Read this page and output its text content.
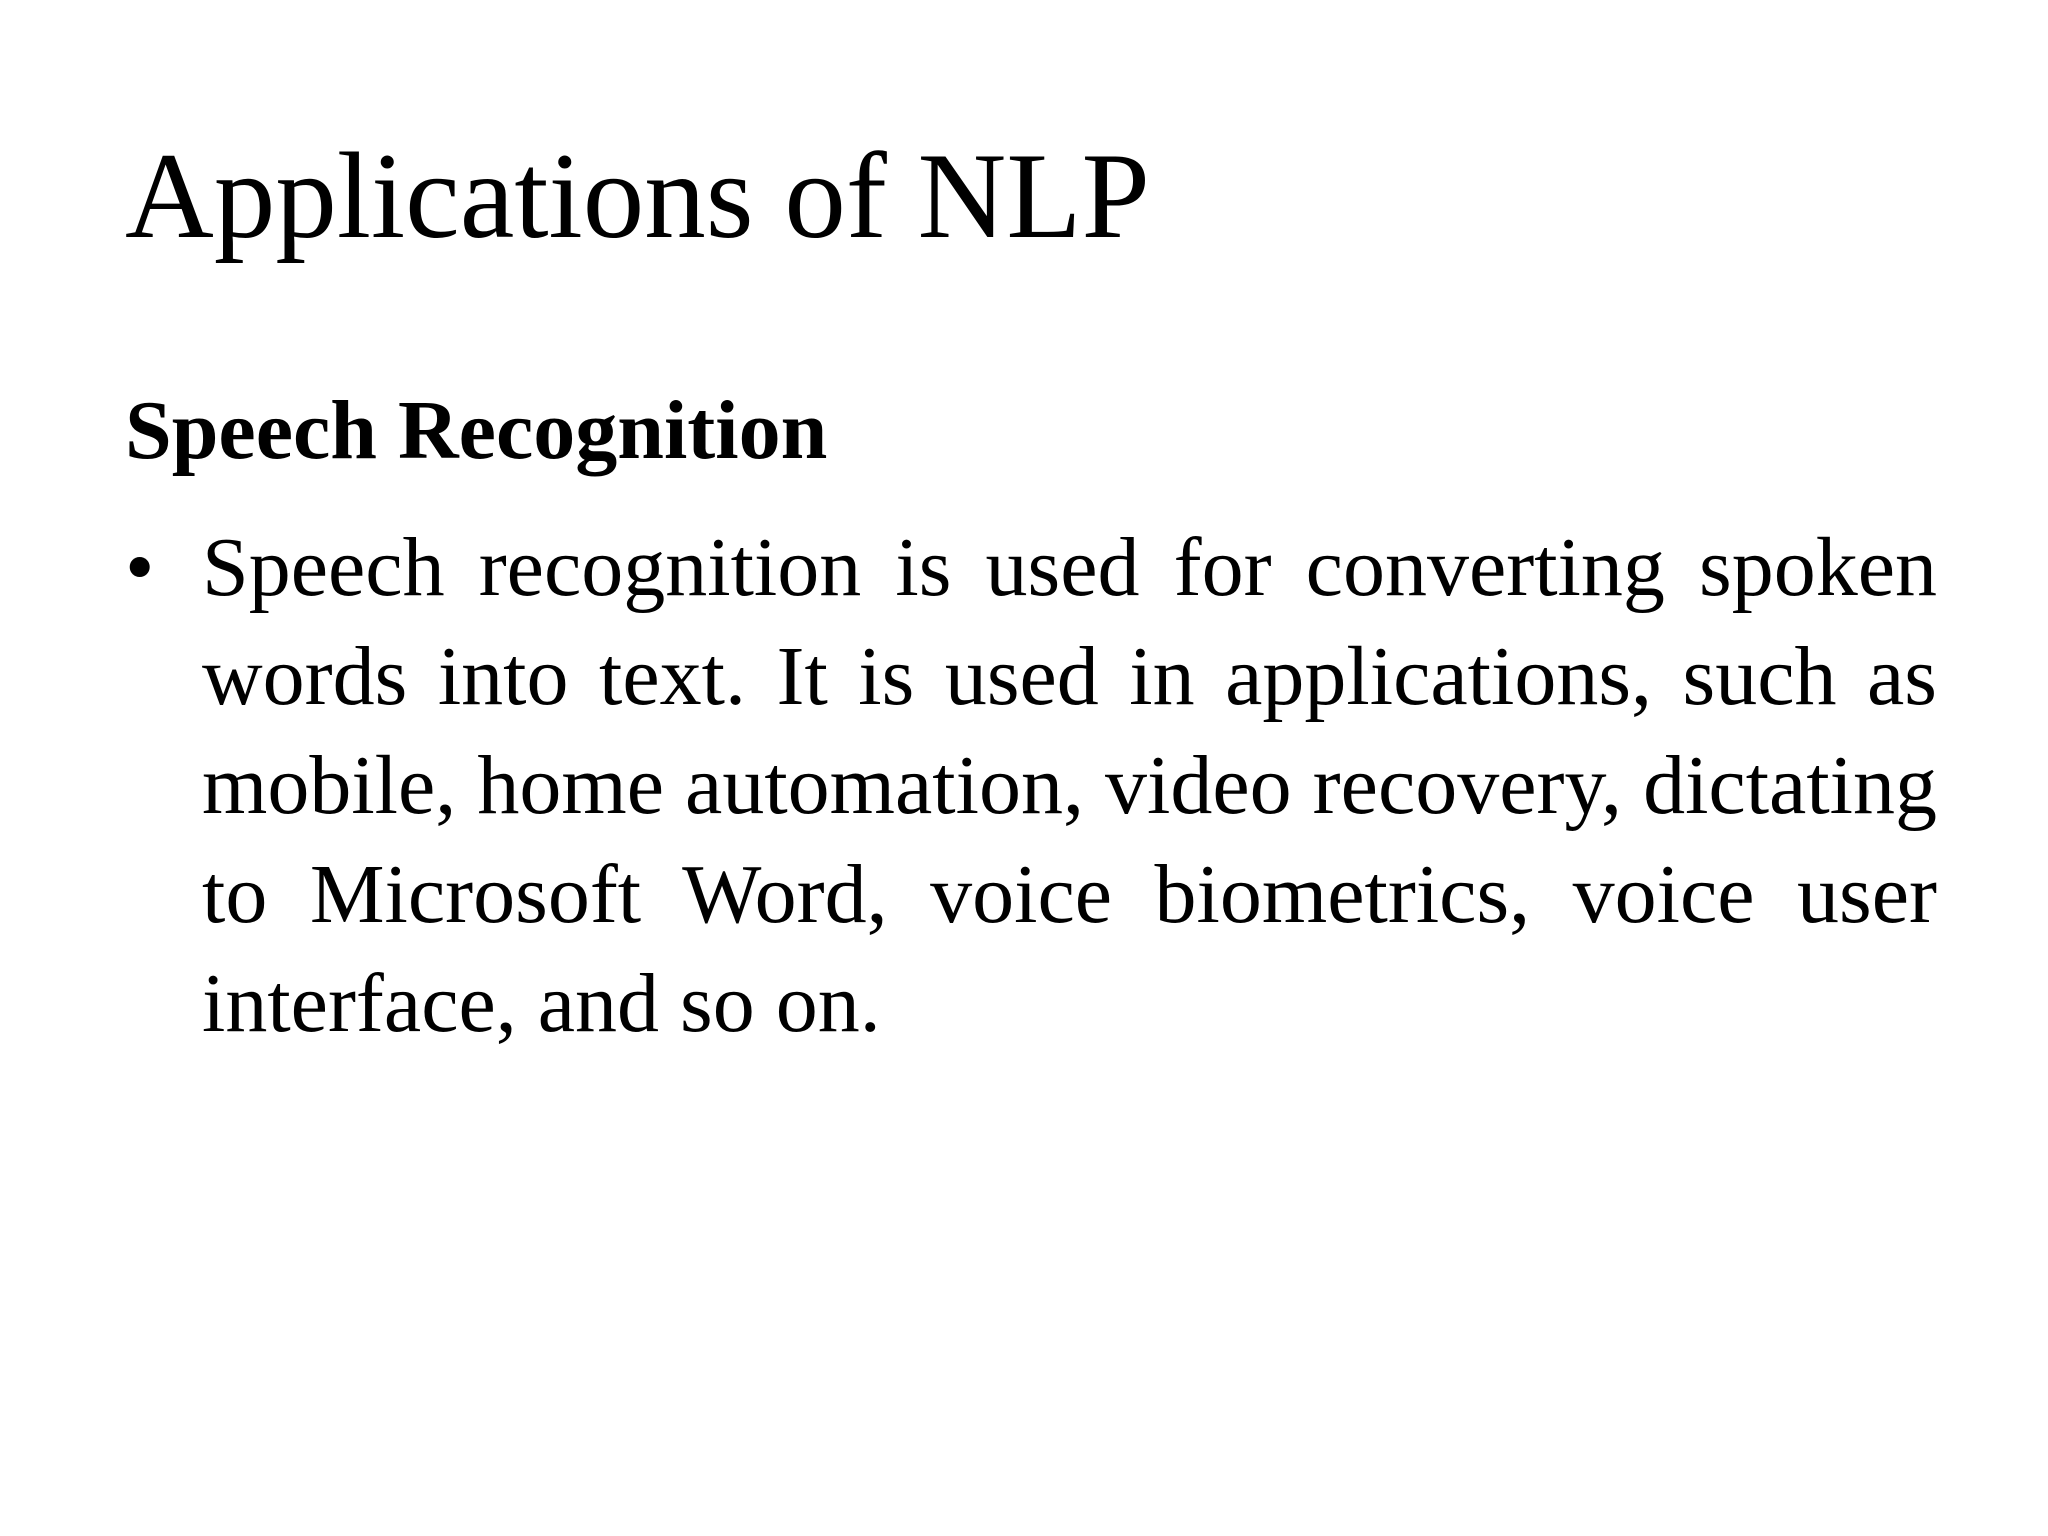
Applications of NLP
Speech Recognition
• Speech recognition is used for converting spoken words into text. It is used in applications, such as mobile, home automation, video recovery, dictating to Microsoft Word, voice biometrics, voice user interface, and so on.
